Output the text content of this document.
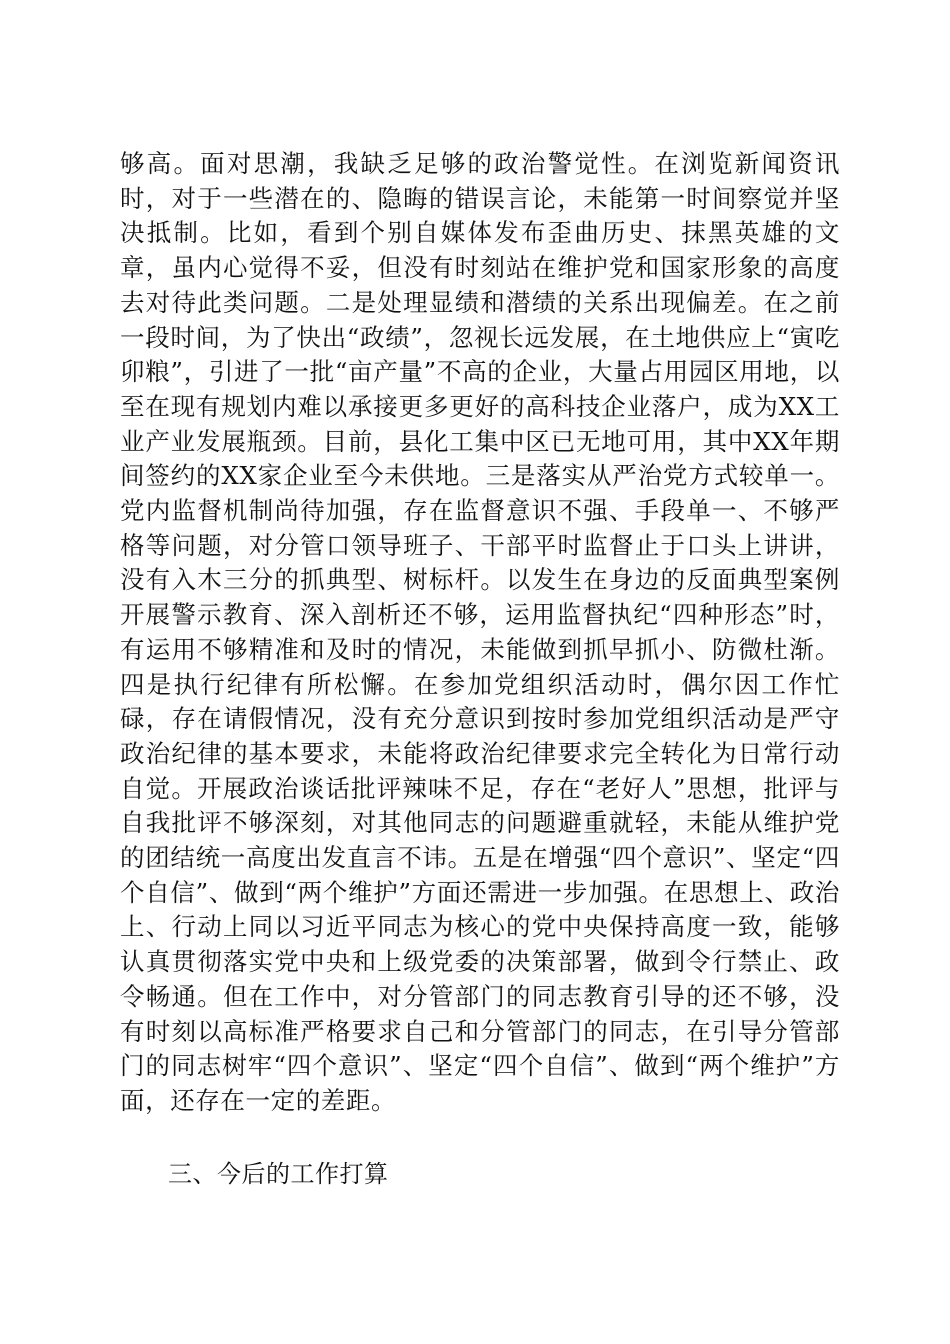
够高。面对思潮，我缺乏足够的政治警觉性。在浏览新闻资讯时，对于一些潜在的、隐晦的错误言论，未能第一时间察觉并坚决抵制。比如，看到个别自媒体发布歪曲历史、抹黑英雄的文章，虽内心觉得不妥，但没有时刻站在维护党和国家形象的高度去对待此类问题。二是处理显绩和潜绩的关系出现偏差。在之前一段时间，为了快出“政绩”，忽视长远发展，在土地供应上“寅吃卯粮”，引进了一批“亩产量”不高的企业，大量占用园区用地，以至在现有规划内难以承接更多更好的高科技企业落户，成为XX工业产业发展瓶颈。目前，县化工集中区已无地可用，其中XX年期间签约的XX家企业至今未供地。三是落实从严治党方式较单一。党内监督机制尚待加强，存在监督意识不强、手段单一、不够严格等问题，对分管口领导班子、干部平时监督止于口头上讲讲，没有入木三分的抓典型、树标杆。以发生在身边的反面典型案例开展警示教育、深入剖析还不够，运用监督执纪“四种形态”时，有运用不够精准和及时的情况，未能做到抓早抓小、防微杜渐。四是执行纪律有所松懈。在参加党组织活动时，偶尔因工作忙碌，存在请假情况，没有充分意识到按时参加党组织活动是严守政治纪律的基本要求，未能将政治纪律要求完全转化为日常行动自觉。开展政治谈话批评辣味不足，存在“老好人”思想，批评与自我批评不够深刻，对其他同志的问题避重就轻，未能从维护党的团结统一高度出发直言不讳。五是在增强“四个意识”、坚定“四个自信”、做到“两个维护”方面还需进一步加强。在思想上、政治上、行动上同以习近平同志为核心的党中央保持高度一致，能够认真贯彻落实党中央和上级党委的决策部署，做到令行禁止、政令畅通。但在工作中，对分管部门的同志教育引导的还不够，没有时刻以高标准严格要求自己和分管部门的同志，在引导分管部门的同志树牢“四个意识”、坚定“四个自信”、做到“两个维护”方面，还存在一定的差距。

三、今后的工作打算
